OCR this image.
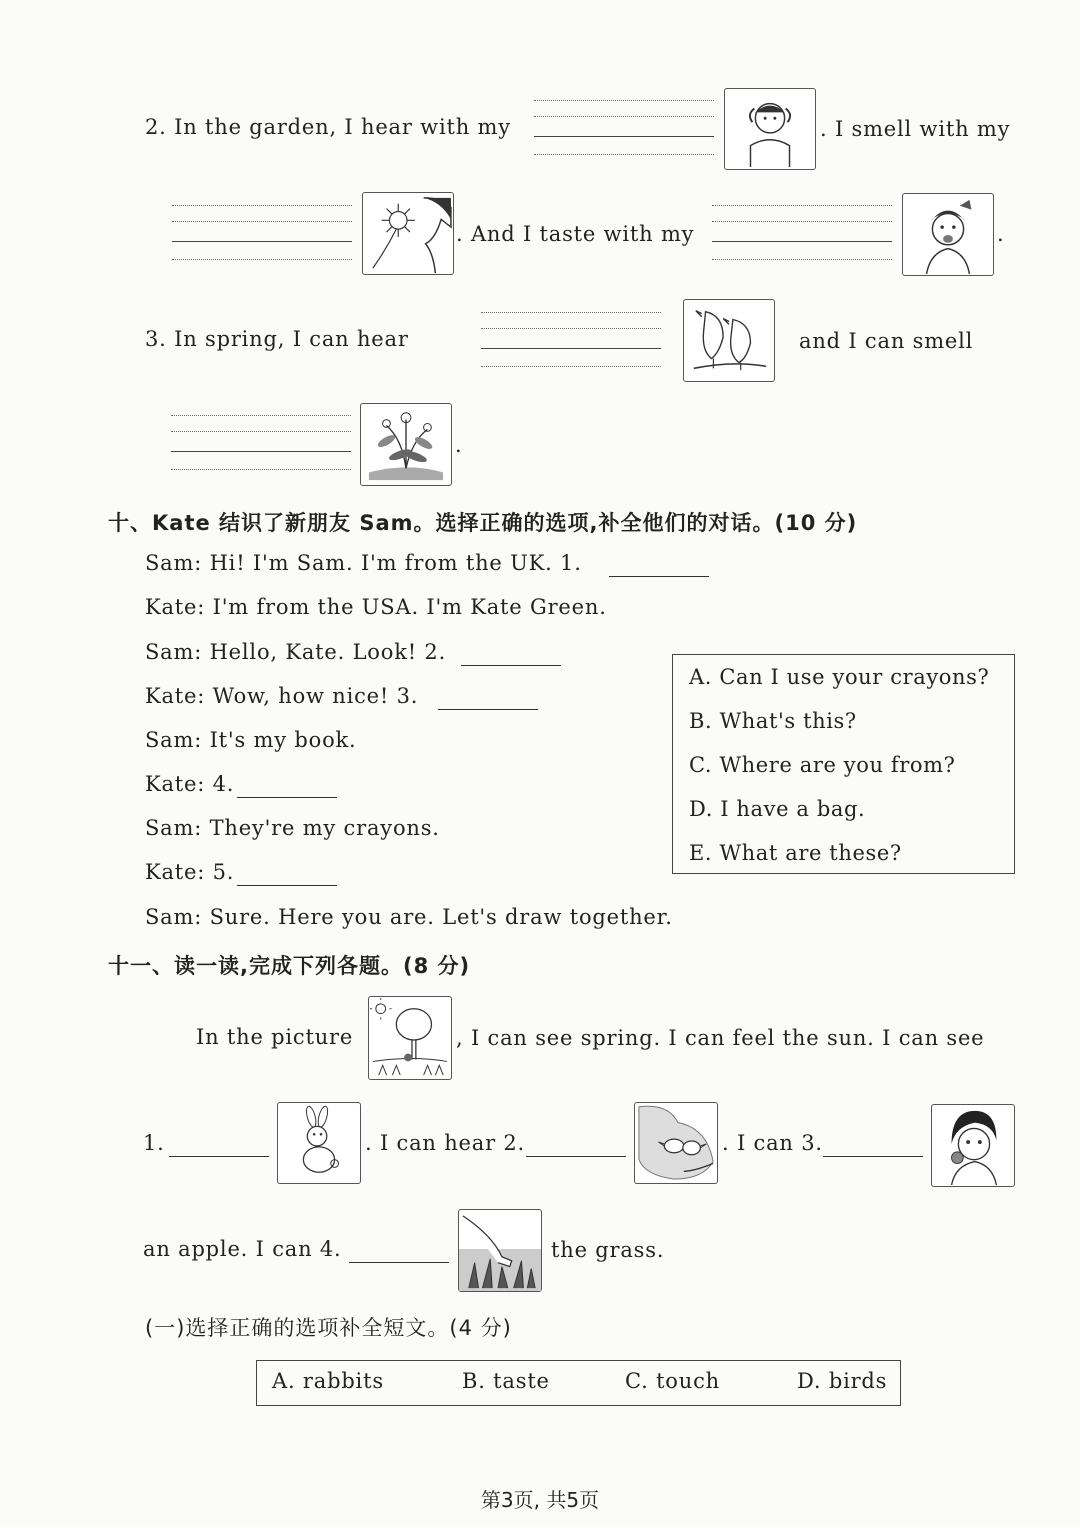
2. In the garden, I hear with my	. I smell with my
. And I taste with my	.
3. In spring, I can hear	and I can smell
.
十、Kate 结识了新朋友 Sam。选择正确的选项,补全他们的对话。(10 分)
Sam: Hi! I'm Sam. I'm from the UK. 1.
Kate: I'm from the USA. I'm Kate Green.
Sam: Hello, Kate. Look! 2.
Kate: Wow, how nice! 3.
Sam: It's my book.
Kate: 4.
Sam: They're my crayons.
Kate: 5.
Sam: Sure. Here you are. Let's draw together.
A. Can I use your crayons?
B. What's this?
C. Where are you from?
D. I have a bag.
E. What are these?
十一、读一读,完成下列各题。(8 分)
In the picture	, I can see spring. I can feel the sun. I can see
1.	. I can hear 2.	. I can 3.
an apple. I can 4.	the grass.
(一)选择正确的选项补全短文。(4 分)
A. rabbits	B. taste	C. touch	D. birds
第3页, 共5页
